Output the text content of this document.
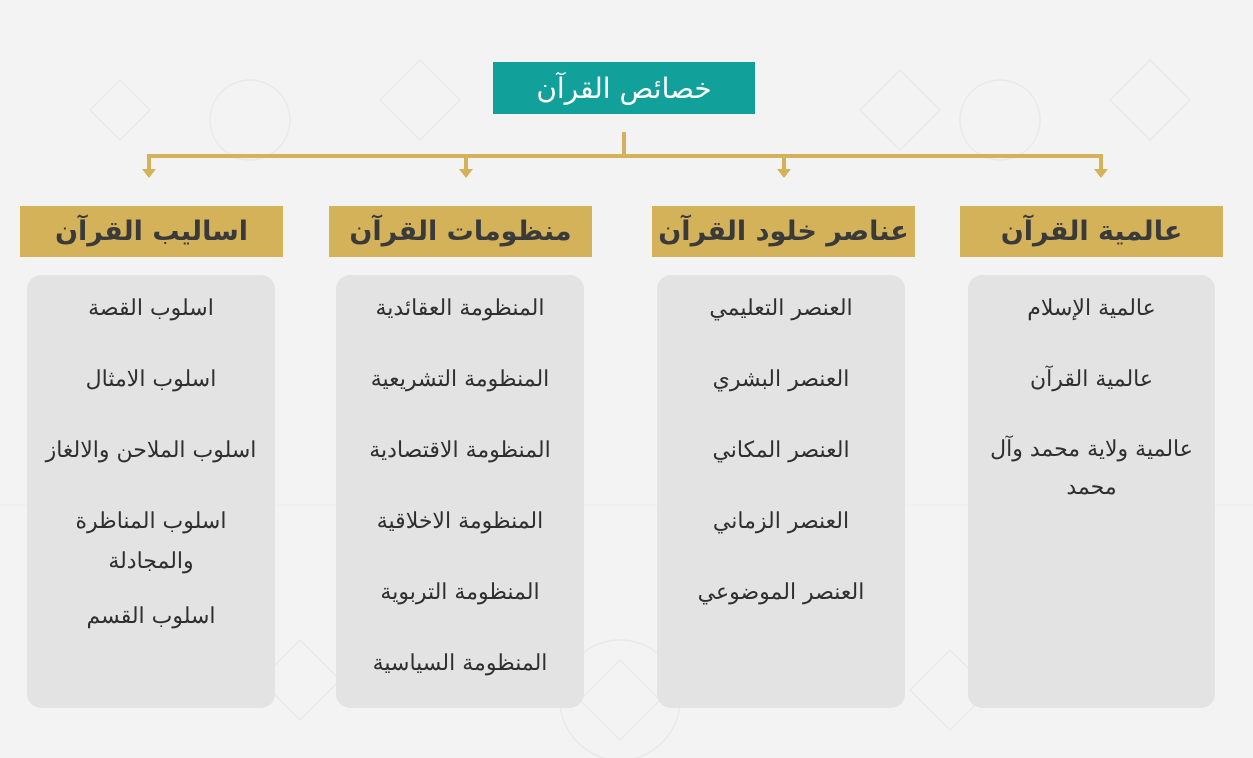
خصائص القرآن
عالمية القرآن
عالمية الإسلام
عالمية القرآن
عالمية ولاية محمد وآل محمد
عناصر خلود القرآن
العنصر التعليمي
العنصر البشري
العنصر المكاني
العنصر الزماني
العنصر الموضوعي
منظومات القرآن
المنظومة العقائدية
المنظومة التشريعية
المنظومة الاقتصادية
المنظومة الاخلاقية
المنظومة التربوية
المنظومة السياسية
اساليب القرآن
اسلوب القصة
اسلوب الامثال
اسلوب الملاحن والالغاز
اسلوب المناظرة والمجادلة
اسلوب القسم
